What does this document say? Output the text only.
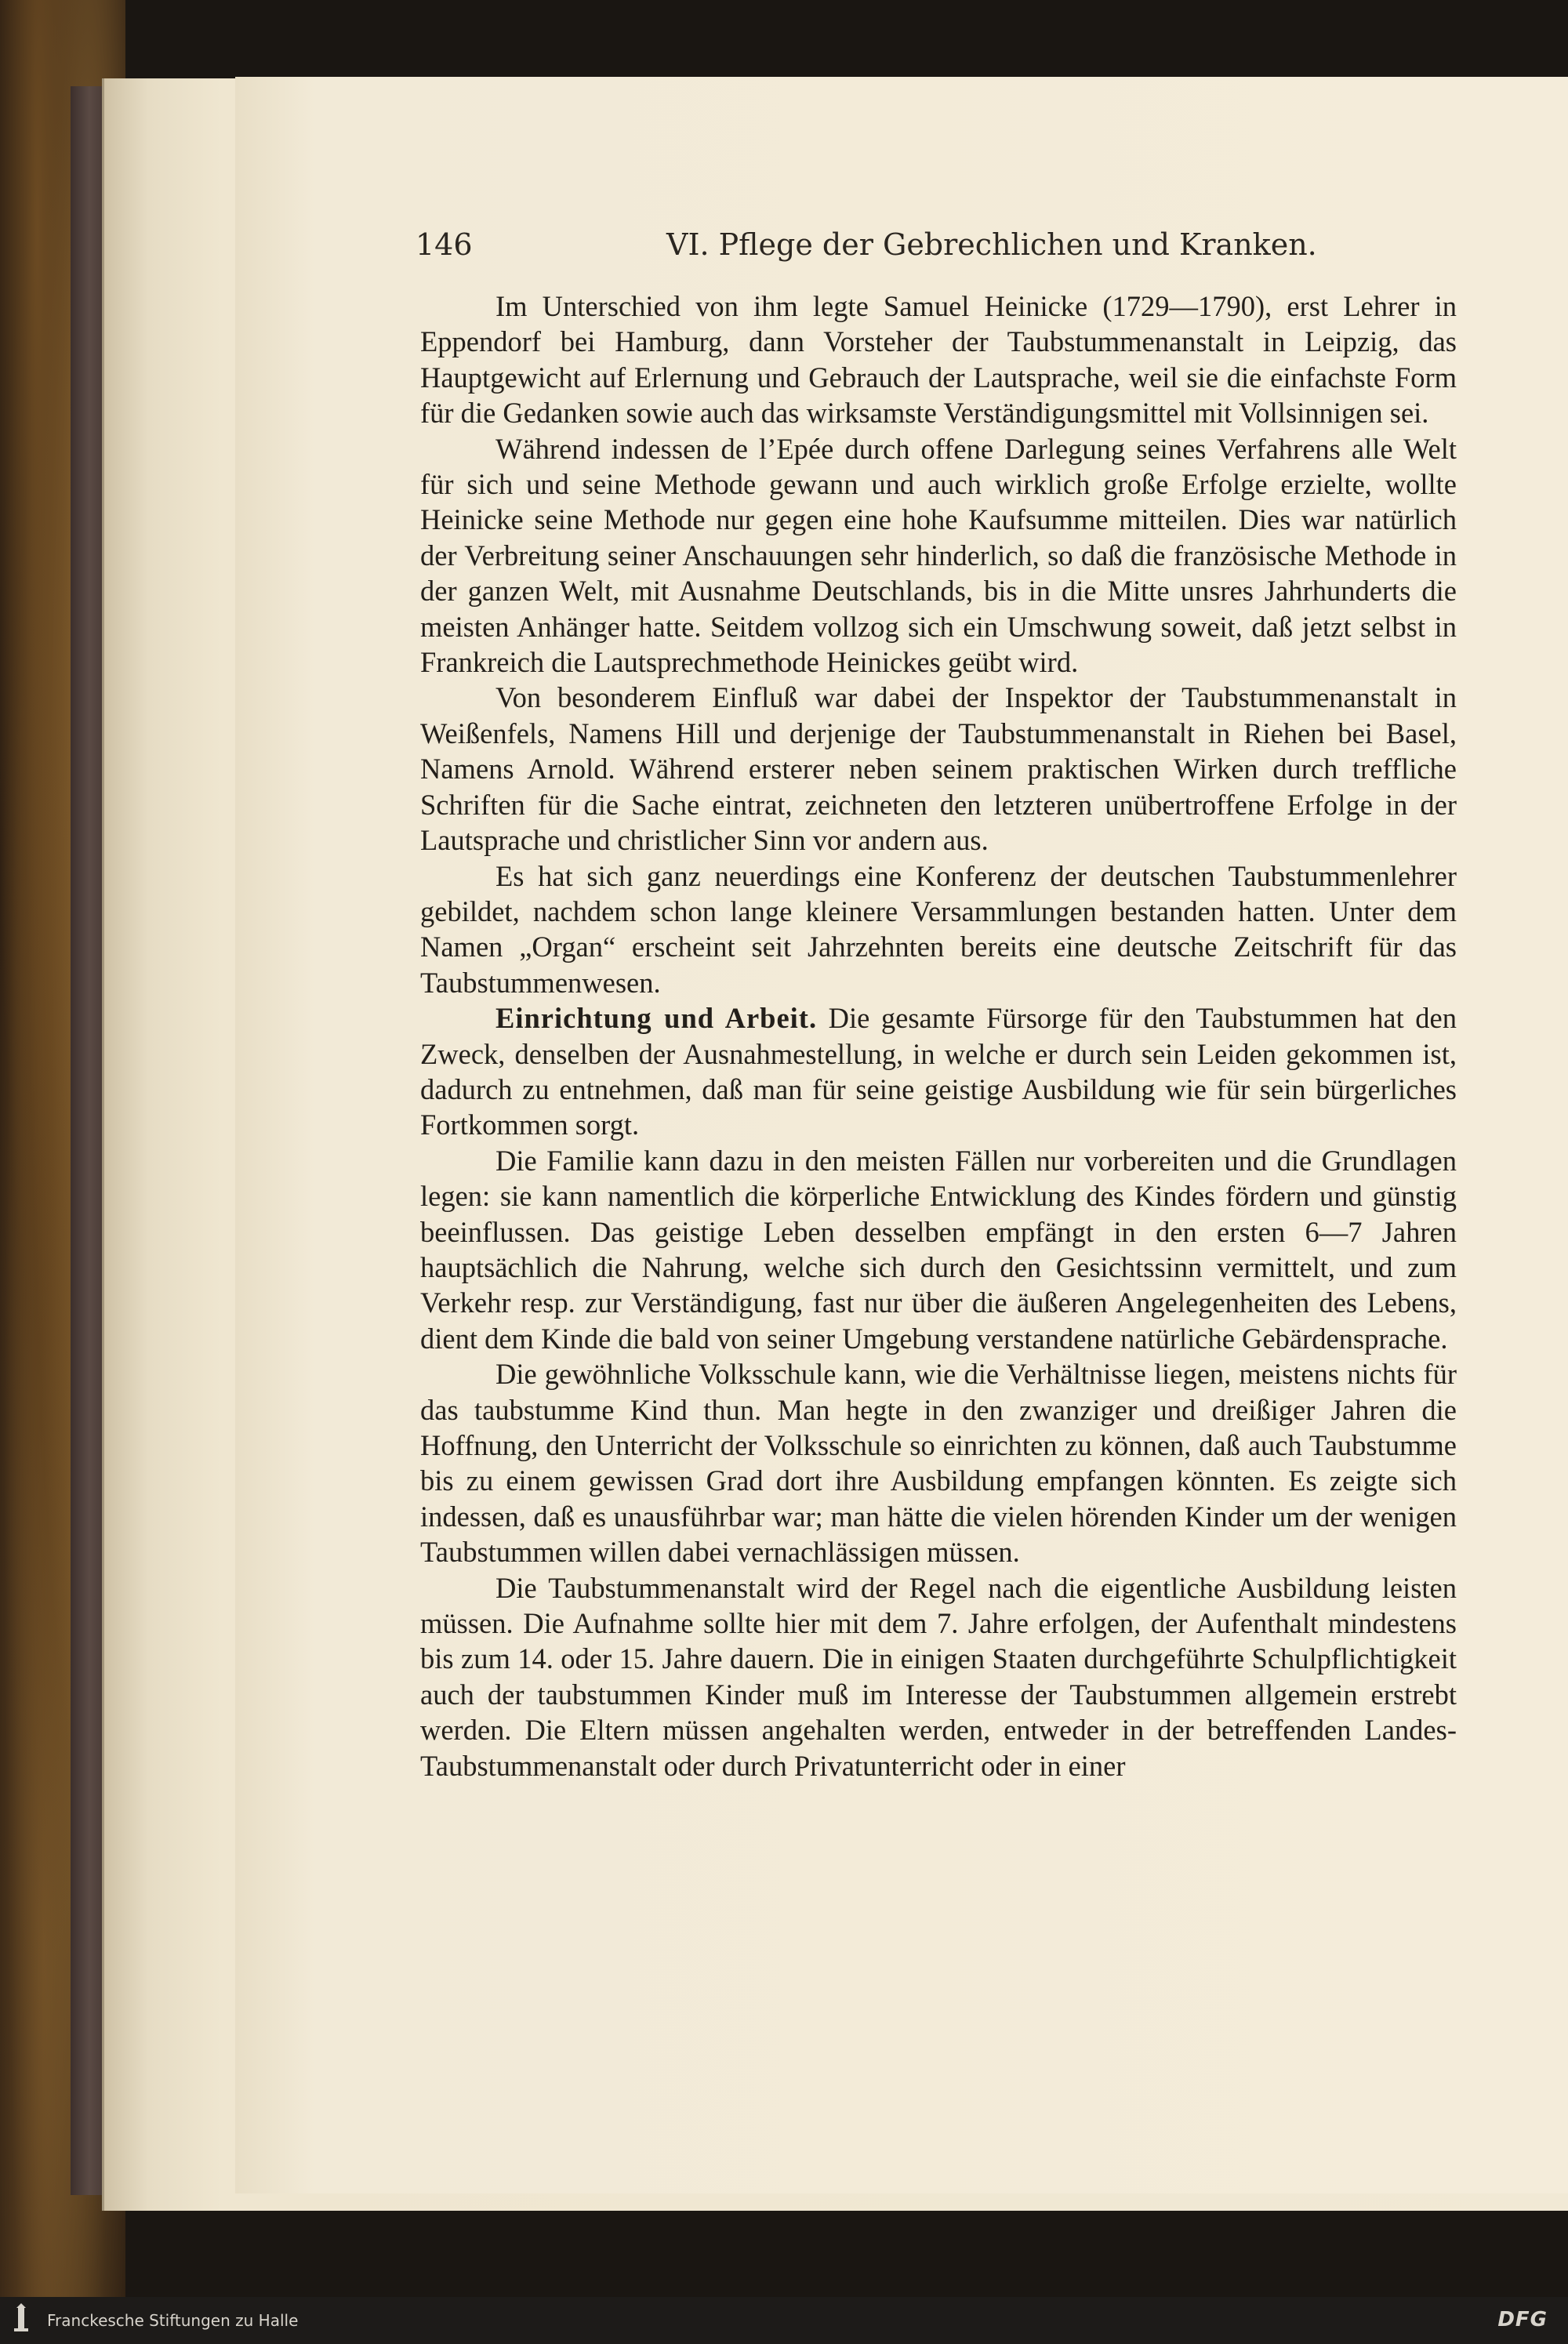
146	VI. Pflege der Gebrechlichen und Kranken.

Im Unterschied von ihm legte Samuel Heinicke (1729—1790), erst Lehrer in Eppendorf bei Hamburg, dann Vorsteher der Taubstummenanstalt in Leipzig, das Hauptgewicht auf Erlernung und Gebrauch der Lautsprache, weil sie die einfachste Form für die Gedanken sowie auch das wirksamste Verständigungsmittel mit Vollsinnigen sei.

Während indessen de l’Epée durch offene Darlegung seines Verfahrens alle Welt für sich und seine Methode gewann und auch wirklich große Erfolge erzielte, wollte Heinicke seine Methode nur gegen eine hohe Kaufsumme mitteilen. Dies war natürlich der Verbreitung seiner Anschauungen sehr hinderlich, so daß die französische Methode in der ganzen Welt, mit Ausnahme Deutschlands, bis in die Mitte unsres Jahrhunderts die meisten Anhänger hatte. Seitdem vollzog sich ein Umschwung soweit, daß jetzt selbst in Frankreich die Lautsprechmethode Heinickes geübt wird.

Von besonderem Einfluß war dabei der Inspektor der Taubstummenanstalt in Weißenfels, Namens Hill und derjenige der Taubstummenanstalt in Riehen bei Basel, Namens Arnold. Während ersterer neben seinem praktischen Wirken durch treffliche Schriften für die Sache eintrat, zeichneten den letzteren unübertroffene Erfolge in der Lautsprache und christlicher Sinn vor andern aus.

Es hat sich ganz neuerdings eine Konferenz der deutschen Taubstummenlehrer gebildet, nachdem schon lange kleinere Versammlungen bestanden hatten. Unter dem Namen „Organ“ erscheint seit Jahrzehnten bereits eine deutsche Zeitschrift für das Taubstummenwesen.

Einrichtung und Arbeit. Die gesamte Fürsorge für den Taubstummen hat den Zweck, denselben der Ausnahmestellung, in welche er durch sein Leiden gekommen ist, dadurch zu entnehmen, daß man für seine geistige Ausbildung wie für sein bürgerliches Fortkommen sorgt.

Die Familie kann dazu in den meisten Fällen nur vorbereiten und die Grundlagen legen: sie kann namentlich die körperliche Entwicklung des Kindes fördern und günstig beeinflussen. Das geistige Leben desselben empfängt in den ersten 6—7 Jahren hauptsächlich die Nahrung, welche sich durch den Gesichtssinn vermittelt, und zum Verkehr resp. zur Verständigung, fast nur über die äußeren Angelegenheiten des Lebens, dient dem Kinde die bald von seiner Umgebung verstandene natürliche Gebärdensprache.

Die gewöhnliche Volksschule kann, wie die Verhältnisse liegen, meistens nichts für das taubstumme Kind thun. Man hegte in den zwanziger und dreißiger Jahren die Hoffnung, den Unterricht der Volksschule so einrichten zu können, daß auch Taubstumme bis zu einem gewissen Grad dort ihre Ausbildung empfangen könnten. Es zeigte sich indessen, daß es unausführbar war; man hätte die vielen hörenden Kinder um der wenigen Taubstummen willen dabei vernachlässigen müssen.

Die Taubstummenanstalt wird der Regel nach die eigentliche Ausbildung leisten müssen. Die Aufnahme sollte hier mit dem 7. Jahre erfolgen, der Aufenthalt mindestens bis zum 14. oder 15. Jahre dauern. Die in einigen Staaten durchgeführte Schulpflichtigkeit auch der taubstummen Kinder muß im Interesse der Taubstummen allgemein erstrebt werden. Die Eltern müssen angehalten werden, entweder in der betreffenden Landes-Taubstummenanstalt oder durch Privatunterricht oder in einer

Franckesche Stiftungen zu Halle	DFG
